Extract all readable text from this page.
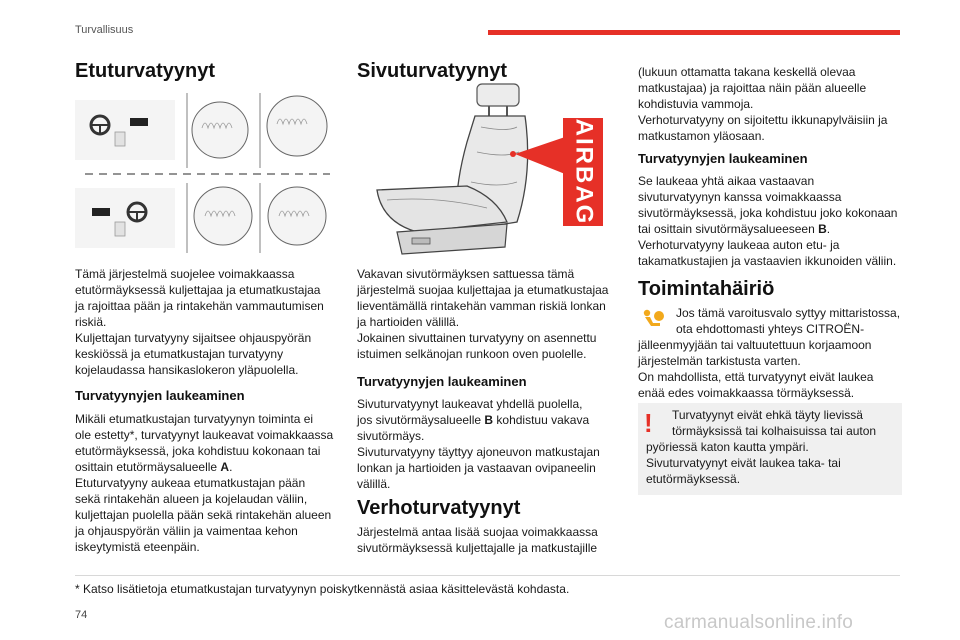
Turvallisuus
Etuturvatyynyt

Tämä järjestelmä suojelee voimakkaassa

etutörmäyksessä kuljettajaa ja etumatkustajaa

ja rajoittaa pään ja rintakehän vammautumisen

riskiä.

Kuljettajan turvatyyny sijaitsee ohjauspyörän

keskiössä ja etumatkustajan turvatyyny

kojelaudassa hansikaslokeron yläpuolella.

Turvatyynyjen laukeaminen

Mikäli etumatkustajan turvatyynyn toiminta ei

ole estetty*, turvatyynyt laukeavat voimakkaassa

etutörmäyksessä, joka kohdistuu kokonaan tai

osittain etutörmäysalueelle A.

Etuturvatyyny aukeaa etumatkustajan pään

sekä rintakehän alueen ja kojelaudan väliin,

kuljettajan puolella pään sekä rintakehän alueen

ja ohjauspyörän väliin ja vaimentaa kehon

iskeytymistä eteenpäin.

Sivuturvatyynyt
AIRBAG

Vakavan sivutörmäyksen sattuessa tämä

järjestelmä suojaa kuljettajaa ja etumatkustajaa

lieventämällä rintakehän vamman riskiä lonkan

ja hartioiden välillä.

Jokainen sivuttainen turvatyyny on asennettu

istuimen selkänojan runkoon oven puolelle.

Turvatyynyjen laukeaminen

Sivuturvatyynyt laukeavat yhdellä puolella,

jos sivutörmäysalueelle B kohdistuu vakava

sivutörmäys.

Sivuturvatyyny täyttyy ajoneuvon matkustajan

lonkan ja hartioiden ja vastaavan ovipaneelin

välillä.

Verhoturvatyynyt

Järjestelmä antaa lisää suojaa voimakkaassa

sivutörmäyksessä kuljettajalle ja matkustajille

(lukuun ottamatta takana keskellä olevaa

matkustajaa) ja rajoittaa näin pään alueelle

kohdistuvia vammoja.

Verhoturvatyyny on sijoitettu ikkunapylväisiin ja

matkustamon yläosaan.

Turvatyynyjen laukeaminen

Se laukeaa yhtä aikaa vastaavan

sivuturvatyynyn kanssa voimakkaassa

sivutörmäyksessä, joka kohdistuu joko kokonaan

tai osittain sivutörmäysalueeseen B.

Verhoturvatyyny laukeaa auton etu- ja

takamatkustajien ja vastaavien ikkunoiden väliin.

Toimintahäiriö

Jos tämä varoitusvalo syttyy mittaristossa,

ota ehdottomasti yhteys CITROËN-

jälleenmyyjään tai valtuutettuun korjaamoon

järjestelmän tarkistusta varten.

On mahdollista, että turvatyynyt eivät laukea

enää edes voimakkaassa törmäyksessä.

!	Turvatyynyt eivät ehkä täyty lievissä

törmäyksissä tai kolhaisuissa tai auton

pyöriessä katon kautta ympäri.

Sivuturvatyynyt eivät laukea taka- tai

etutörmäyksessä.

* Katso lisätietoja etumatkustajan turvatyynyn poiskytkennästä asiaa käsittelevästä kohdasta.
74	carmanualsonline.info
